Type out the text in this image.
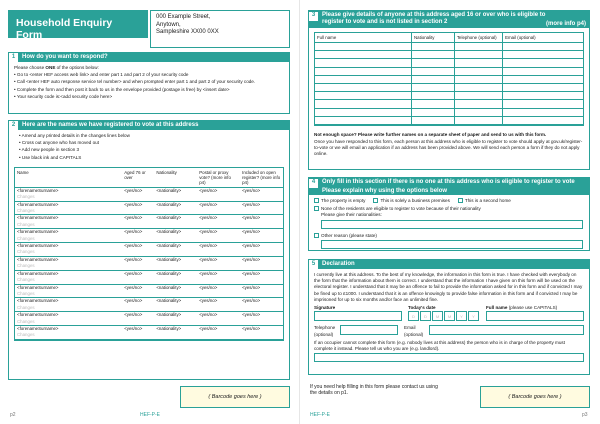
Household Enquiry Form
000 Example Street,
Anytown,
Sampleshire XX00 0XX
1	How do you want to respond?

Please choose ONE of the options below:

• Go to <enter HEF access web link> and enter part 1 and part 2 of your security code

• Call <enter HEF auto response service tel number> and when prompted enter part 1 and part 2 of your security code.

• Complete the form and then post it back to us in the envelope provided (postage is free) by <insert date>

• Your security code is:<add security code here>

2	Here are the names we have registered to vote at this address

• Amend any printed details in the changes lines below

• Cross out anyone who has moved out

• Add new people in section 3

• Use black ink and CAPITALS

Name	Aged 76 or over	Nationality	Postal or proxy vote? (more info p4)	Included on open register? (more info p4)
<forenameSurname>	<yes/no>	<nationality>	<yes/no>	<yes/no>
Changes				
<forenameSurname>	<yes/no>	<nationality>	<yes/no>	<yes/no>
Changes				
<forenameSurname>	<yes/no>	<nationality>	<yes/no>	<yes/no>
Changes				
<forenameSurname>	<yes/no>	<nationality>	<yes/no>	<yes/no>
Changes				
<forenameSurname>	<yes/no>	<nationality>	<yes/no>	<yes/no>
Changes				
<forenameSurname>	<yes/no>	<nationality>	<yes/no>	<yes/no>
Changes				
<forenameSurname>	<yes/no>	<nationality>	<yes/no>	<yes/no>
Changes				
<forenameSurname>	<yes/no>	<nationality>	<yes/no>	<yes/no>
Changes				
<forenameSurname>	<yes/no>	<nationality>	<yes/no>	<yes/no>
Changes				
<forenameSurname>	<yes/no>	<nationality>	<yes/no>	<yes/no>
Changes				
<forenameSurname>	<yes/no>	<nationality>	<yes/no>	<yes/no>
Changes				
( Barcode goes here )
p2	HEF-P-E
3	Please give details of anyone at this address aged 16 or over who is eligible to register to vote and is not listed in section 2	(more info p4)
Full name	Nationality	Telephone (optional)	Email (optional)

Not enough space? Please write further names on a separate sheet of paper and send to us with this form.

Once you have responded to this form, each person at this address who is eligible to register to vote should apply at gov.uk/register-to-vote or we will email an application if an address has been provided above. We will send each person a form if they do not apply online.

4	Only fill in this section if there is no one at this address who is eligible to register to vote
Please explain why using the options below
The property is empty	This is solely a business premises	This is a second home
None of the residents are eligible to register to vote because of their nationality
Please give their nationalities:
Other reason (please state)
5	Declaration

I currently live at this address. To the best of my knowledge, the information in this form is true. I have checked with everybody on the form that the information about them is correct. I understand that the information I have given on this form will be used on the electoral register. I understand that it may be an offence to fail to provide the information asked for in this form and if convicted I may be fined up to £1000. I understand that it is an offence knowingly to provide false information in this form and if convicted I may be imprisoned for up to six months and/or face an unlimited fine.

Signature	Today's date
D	D	M	M	Y	Y
Full name (please use CAPITALS)
Telephone (optional)
Email (optional)

If an occupier cannot complete this form (e.g. nobody lives at this address) the person who is in charge of the property must complete it instead. Please tell us who you are (e.g. landlord).

If you need help filling in this form please contact us using the details on p1.
( Barcode goes here )
HEF-P-E	p3
